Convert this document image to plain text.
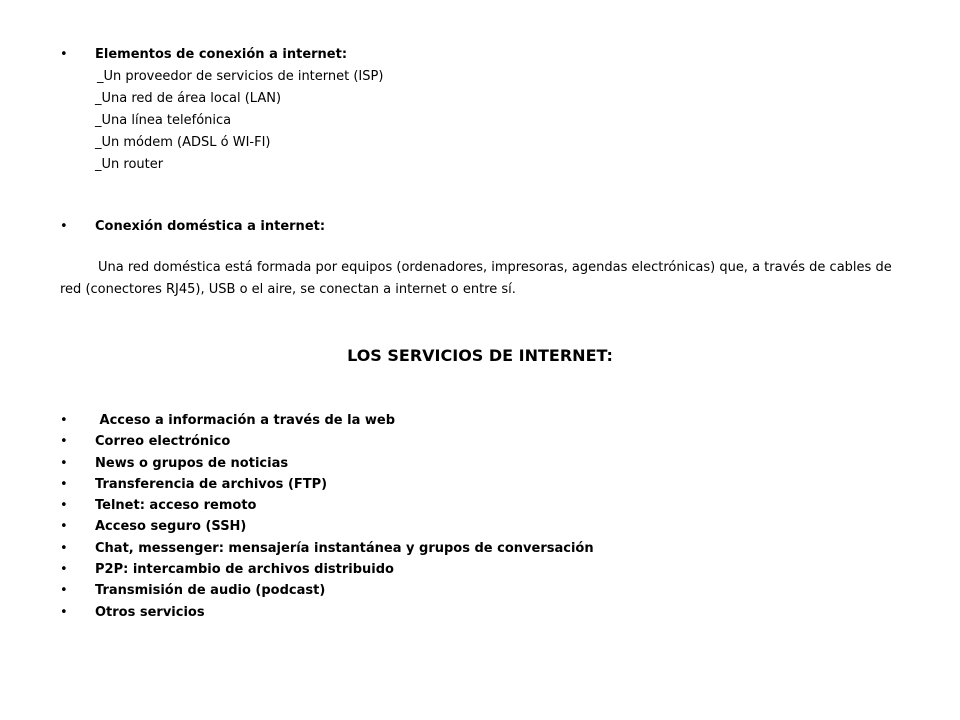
• Elementos de conexión a internet:
_Un proveedor de servicios de internet (ISP)
_Una red de área local (LAN)
_Una línea telefónica
_Un módem (ADSL ó WI-FI)
_Un router
• Conexión doméstica a internet:

Una red doméstica está formada por equipos (ordenadores, impresoras, agendas electrónicas) que, a través de cables de red (conectores RJ45), USB o el aire, se conectan a internet o entre sí.

LOS SERVICIOS DE INTERNET:
• Acceso a información a través de la web
• Correo electrónico
• News o grupos de noticias
• Transferencia de archivos (FTP)
• Telnet: acceso remoto
• Acceso seguro (SSH)
• Chat, messenger: mensajería instantánea y grupos de conversación
• P2P: intercambio de archivos distribuido
• Transmisión de audio (podcast)
• Otros servicios
